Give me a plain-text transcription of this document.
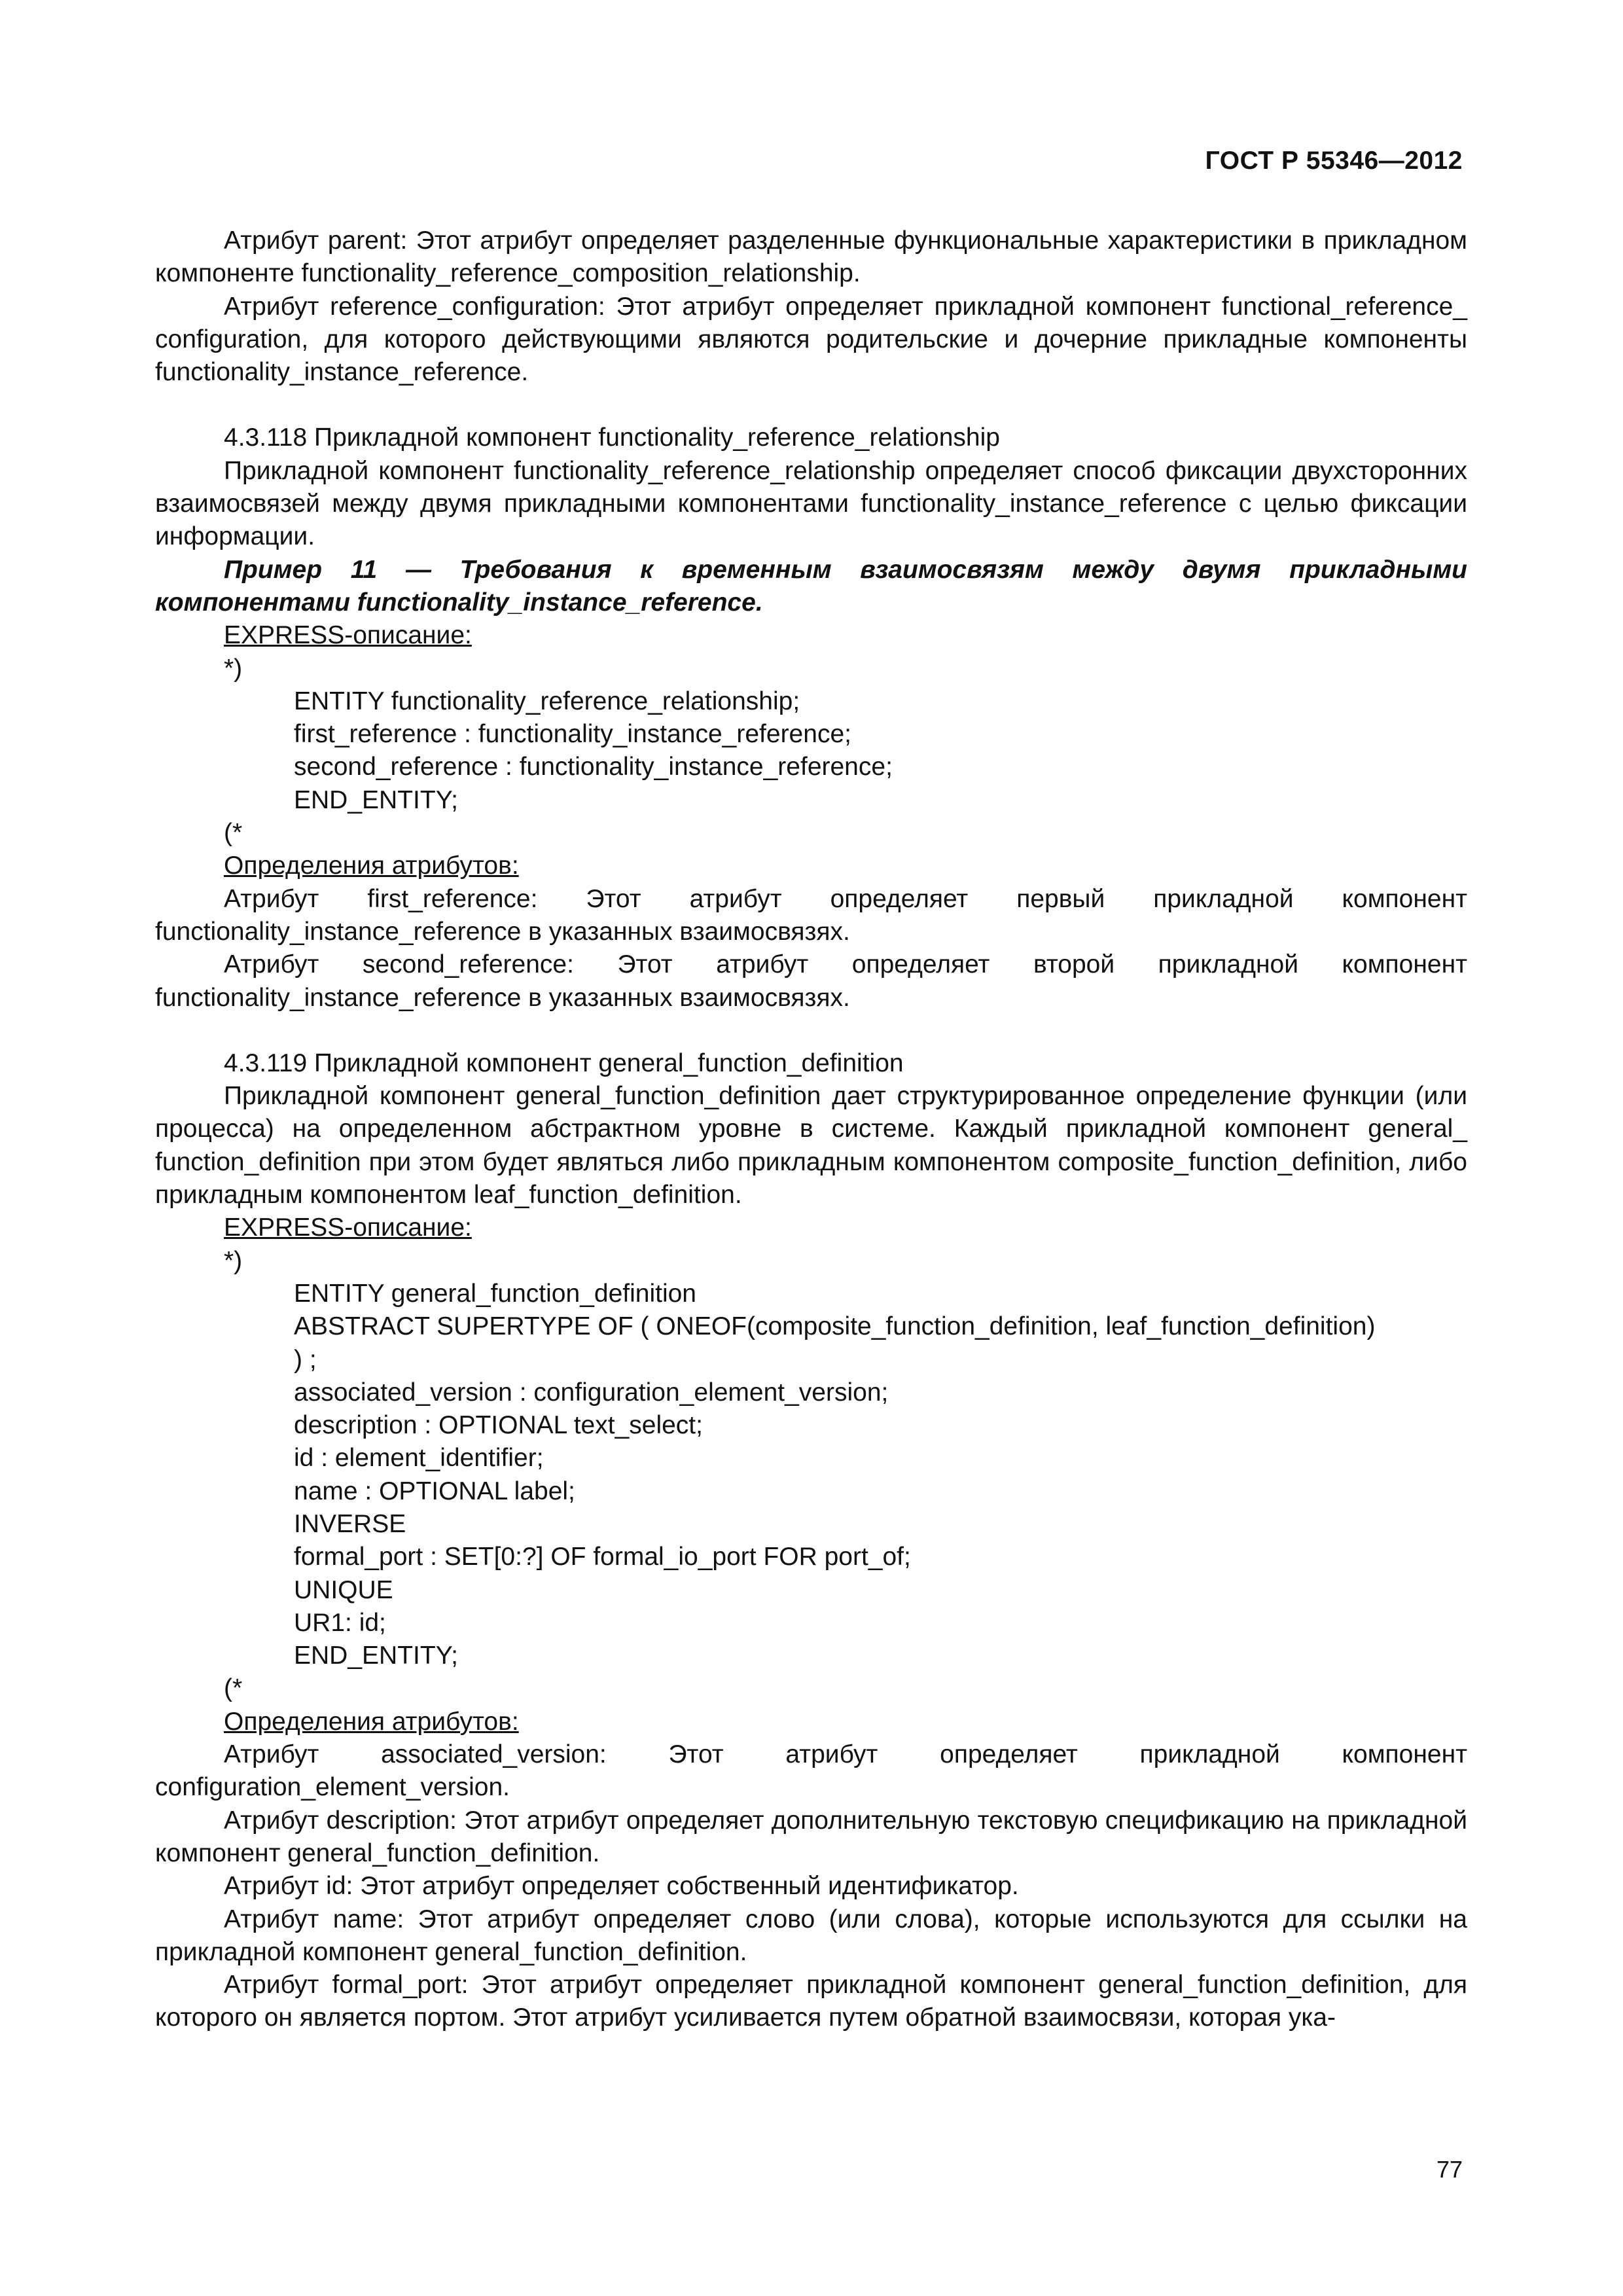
ГОСТ Р 55346—2012

Атрибут parent: Этот атрибут определяет разделенные функциональные характеристики в прикладном компоненте functionality_reference_composition_relationship.

Атрибут reference_configuration: Этот атрибут определяет прикладной компонент functional_reference_ configuration, для которого действующими являются родительские и дочерние прикладные компоненты functionality_instance_reference.

4.3.118 Прикладной компонент functionality_reference_relationship

Прикладной компонент functionality_reference_relationship определяет способ фиксации двухсторонних взаимосвязей между двумя прикладными компонентами functionality_instance_reference с целью фиксации информации.

Пример 11 — Требования к временным взаимосвязям между двумя прикладными компонентами functionality_instance_reference.

EXPRESS-описание:

*)

ENTITY functionality_reference_relationship;

first_reference : functionality_instance_reference;

second_reference : functionality_instance_reference;

END_ENTITY;

(*

Определения атрибутов:

Атрибут first_reference: Этот атрибут определяет первый прикладной компонент functionality_instance_reference в указанных взаимосвязях.

Атрибут second_reference: Этот атрибут определяет второй прикладной компонент functionality_instance_reference в указанных взаимосвязях.

4.3.119 Прикладной компонент general_function_definition

Прикладной компонент general_function_definition дает структурированное определение функции (или процесса) на определенном абстрактном уровне в системе. Каждый прикладной компонент general_ function_definition при этом будет являться либо прикладным компонентом composite_function_definition, либо прикладным компонентом leaf_function_definition.

EXPRESS-описание:

*)

ENTITY general_function_definition

ABSTRACT SUPERTYPE OF ( ONEOF(composite_function_definition, leaf_function_definition)

) ;

associated_version : configuration_element_version;

description : OPTIONAL text_select;

id : element_identifier;

name : OPTIONAL label;

INVERSE

formal_port : SET[0:?] OF formal_io_port FOR port_of;

UNIQUE

UR1: id;

END_ENTITY;

(*

Определения атрибутов:

Атрибут associated_version: Этот атрибут определяет прикладной компонент configuration_element_version.

Атрибут description: Этот атрибут определяет дополнительную текстовую спецификацию на прикладной компонент general_function_definition.

Атрибут id: Этот атрибут определяет собственный идентификатор.

Атрибут name: Этот атрибут определяет слово (или слова), которые используются для ссылки на прикладной компонент general_function_definition.

Атрибут formal_port: Этот атрибут определяет прикладной компонент general_function_definition, для которого он является портом. Этот атрибут усиливается путем обратной взаимосвязи, которая ука-

77
